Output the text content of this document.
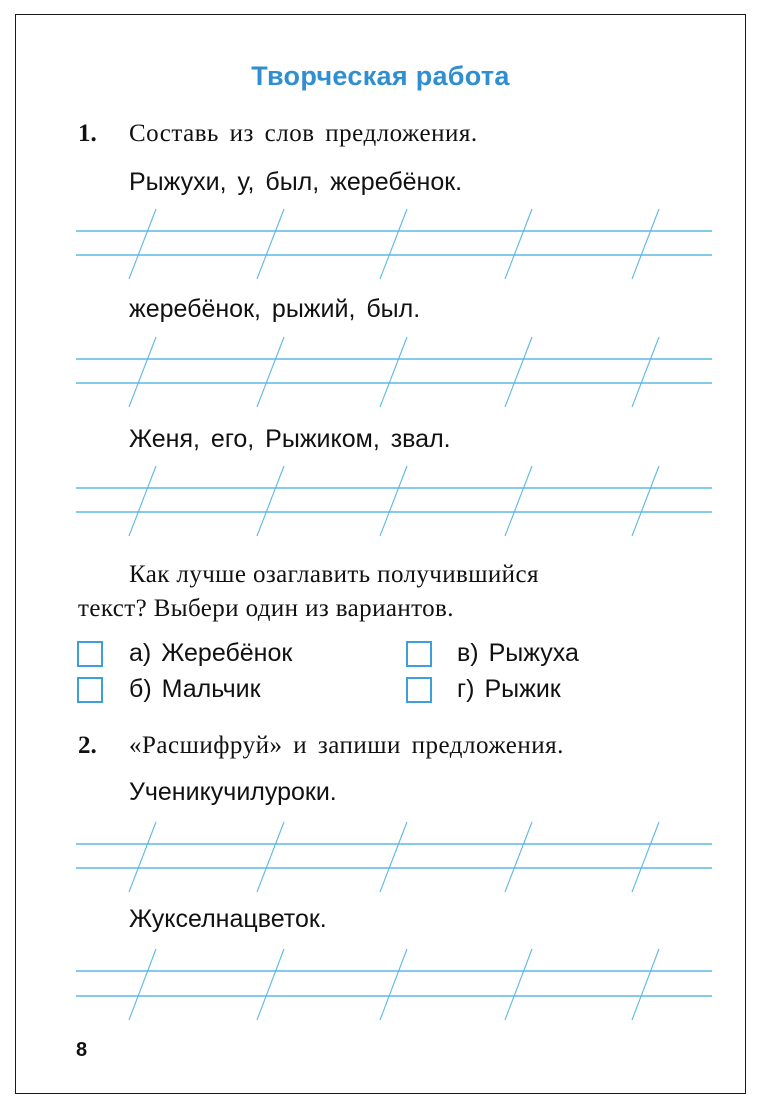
Творческая работа
1. Составь из слов предложения.
Рыжухи, у, был, жеребёнок.
жеребёнок, рыжий, был.
Женя, его, Рыжиком, звал.
Как лучше озаглавить получившийся
текст? Выбери один из вариантов.
а) Жеребёнок
б) Мальчик
в) Рыжуха
г) Рыжик
2. «Расшифруй» и запиши предложения.
Ученикучилуроки.
Жукселнацветок.
8
